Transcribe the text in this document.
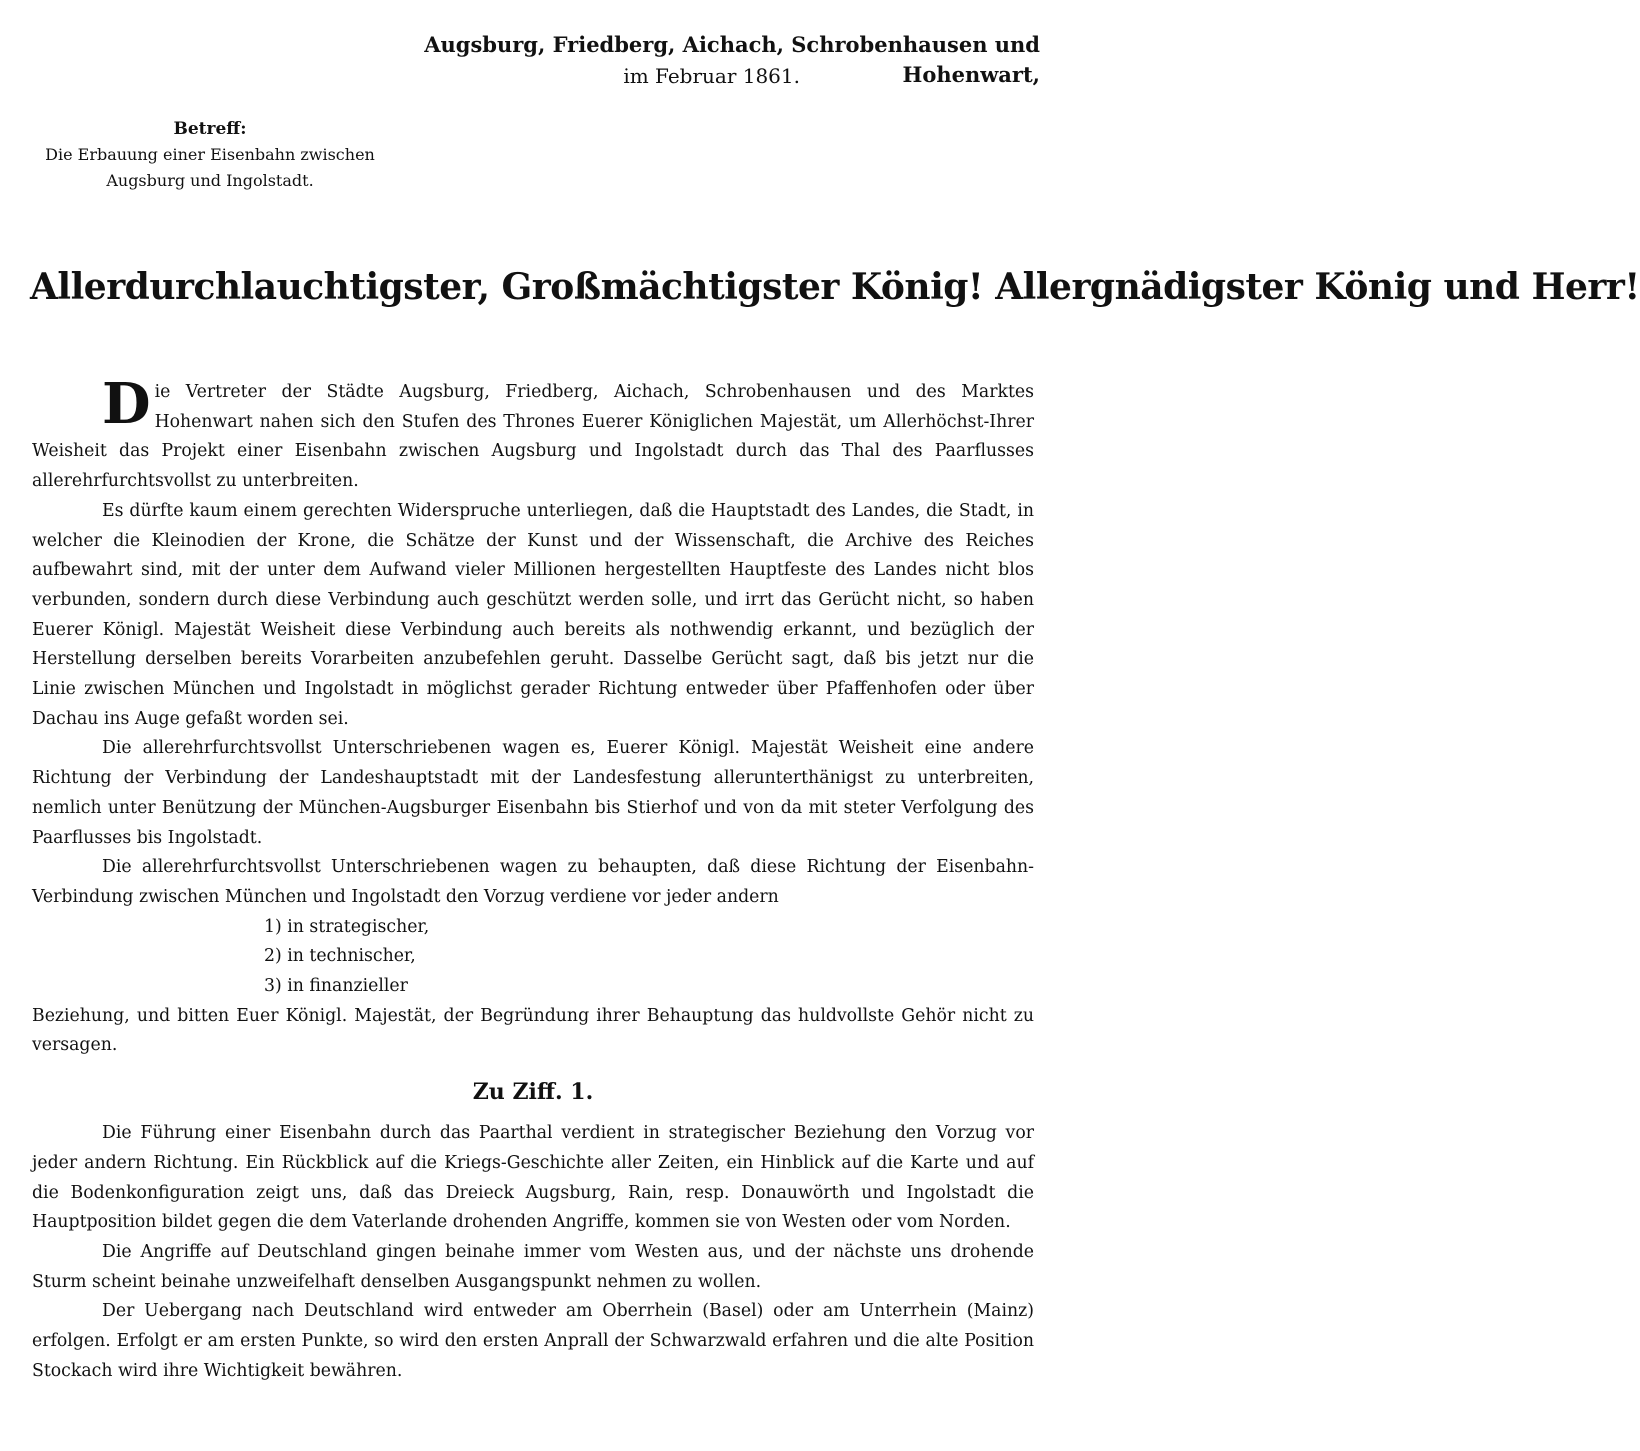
Augsburg, Friedberg, Aichach, Schrobenhausen und Hohenwart,
im Februar 1861.
Betreff:
Die Erbauung einer Eisenbahn zwischen
Augsburg und Ingolstadt.
Allerdurchlauchtigster, Großmächtigster König! Allergnädigster König und Herr!

Die Vertreter der Städte Augsburg, Friedberg, Aichach, Schrobenhausen und des Marktes Hohenwart nahen sich den Stufen des Thrones Euerer Königlichen Majestät, um Allerhöchst-Ihrer Weisheit das Projekt einer Eisenbahn zwischen Augsburg und Ingolstadt durch das Thal des Paarflusses allerehrfurchtsvollst zu unterbreiten.

Es dürfte kaum einem gerechten Widerspruche unterliegen, daß die Hauptstadt des Landes, die Stadt, in welcher die Kleinodien der Krone, die Schätze der Kunst und der Wissenschaft, die Archive des Reiches aufbewahrt sind, mit der unter dem Aufwand vieler Millionen hergestellten Hauptfeste des Landes nicht blos verbunden, sondern durch diese Verbindung auch geschützt werden solle, und irrt das Gerücht nicht, so haben Euerer Königl. Majestät Weisheit diese Verbindung auch bereits als nothwendig erkannt, und bezüglich der Herstellung derselben bereits Vorarbeiten anzubefehlen geruht. Dasselbe Gerücht sagt, daß bis jetzt nur die Linie zwischen München und Ingolstadt in möglichst gerader Richtung entweder über Pfaffenhofen oder über Dachau ins Auge gefaßt worden sei.

Die allerehrfurchtsvollst Unterschriebenen wagen es, Euerer Königl. Majestät Weisheit eine andere Richtung der Verbindung der Landeshauptstadt mit der Landesfestung allerunterthänigst zu unterbreiten, nemlich unter Benützung der München-Augsburger Eisenbahn bis Stierhof und von da mit steter Verfolgung des Paarflusses bis Ingolstadt.

Die allerehrfurchtsvollst Unterschriebenen wagen zu behaupten, daß diese Richtung der Eisenbahn-Verbindung zwischen München und Ingolstadt den Vorzug verdiene vor jeder andern

1) in strategischer,
2) in technischer,
3) in finanzieller

Beziehung, und bitten Euer Königl. Majestät, der Begründung ihrer Behauptung das huldvollste Gehör nicht zu versagen.

Zu Ziff. 1.

Die Führung einer Eisenbahn durch das Paarthal verdient in strategischer Beziehung den Vorzug vor jeder andern Richtung. Ein Rückblick auf die Kriegs-Geschichte aller Zeiten, ein Hinblick auf die Karte und auf die Bodenkonfiguration zeigt uns, daß das Dreieck Augsburg, Rain, resp. Donauwörth und Ingolstadt die Hauptposition bildet gegen die dem Vaterlande drohenden Angriffe, kommen sie von Westen oder vom Norden.

Die Angriffe auf Deutschland gingen beinahe immer vom Westen aus, und der nächste uns drohende Sturm scheint beinahe unzweifelhaft denselben Ausgangspunkt nehmen zu wollen.

Der Uebergang nach Deutschland wird entweder am Oberrhein (Basel) oder am Unterrhein (Mainz) erfolgen. Erfolgt er am ersten Punkte, so wird den ersten Anprall der Schwarzwald erfahren und die alte Position Stockach wird ihre Wichtigkeit bewähren.
